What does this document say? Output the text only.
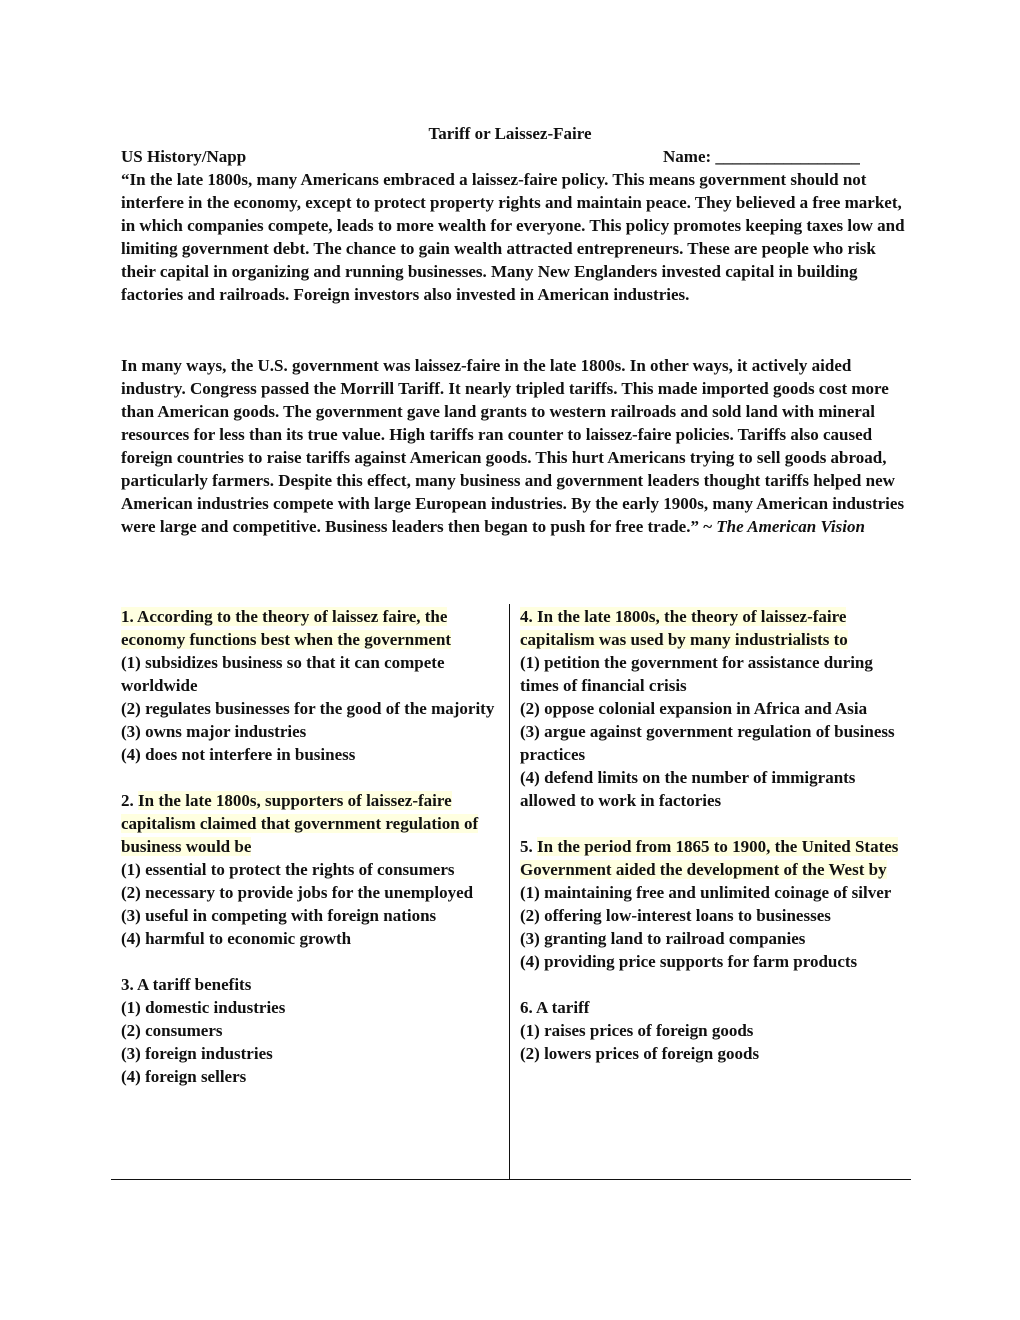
Tariff or Laissez-Faire
US History/Napp	Name: _________________
“In the late 1800s, many Americans embraced a laissez-faire policy. This means government should not interfere in the economy, except to protect property rights and maintain peace. They believed a free market, in which companies compete, leads to more wealth for everyone. This policy promotes keeping taxes low and limiting government debt. The chance to gain wealth attracted entrepreneurs. These are people who risk their capital in organizing and running businesses. Many New Englanders invested capital in building factories and railroads. Foreign investors also invested in American industries.
In many ways, the U.S. government was laissez-faire in the late 1800s. In other ways, it actively aided industry. Congress passed the Morrill Tariff. It nearly tripled tariffs. This made imported goods cost more than American goods. The government gave land grants to western railroads and sold land with mineral resources for less than its true value. High tariffs ran counter to laissez-faire policies. Tariffs also caused foreign countries to raise tariffs against American goods. This hurt Americans trying to sell goods abroad, particularly farmers. Despite this effect, many business and government leaders thought tariffs helped new American industries compete with large European industries. By the early 1900s, many American industries were large and competitive. Business leaders then began to push for free trade.” ~ The American Vision
1. According to the theory of laissez faire, the economy functions best when the government
(1) subsidizes business so that it can compete worldwide
(2) regulates businesses for the good of the majority
(3) owns major industries
(4) does not interfere in business
2. In the late 1800s, supporters of laissez-faire capitalism claimed that government regulation of business would be
(1) essential to protect the rights of consumers
(2) necessary to provide jobs for the unemployed
(3) useful in competing with foreign nations
(4) harmful to economic growth
3. A tariff benefits
(1) domestic industries
(2) consumers
(3) foreign industries
(4) foreign sellers
4. In the late 1800s, the theory of laissez-faire capitalism was used by many industrialists to
(1) petition the government for assistance during times of financial crisis
(2) oppose colonial expansion in Africa and Asia
(3) argue against government regulation of business practices
(4) defend limits on the number of immigrants allowed to work in factories
5. In the period from 1865 to 1900, the United States Government aided the development of the West by
(1) maintaining free and unlimited coinage of silver
(2) offering low-interest loans to businesses
(3) granting land to railroad companies
(4) providing price supports for farm products
6. A tariff
(1) raises prices of foreign goods
(2) lowers prices of foreign goods
